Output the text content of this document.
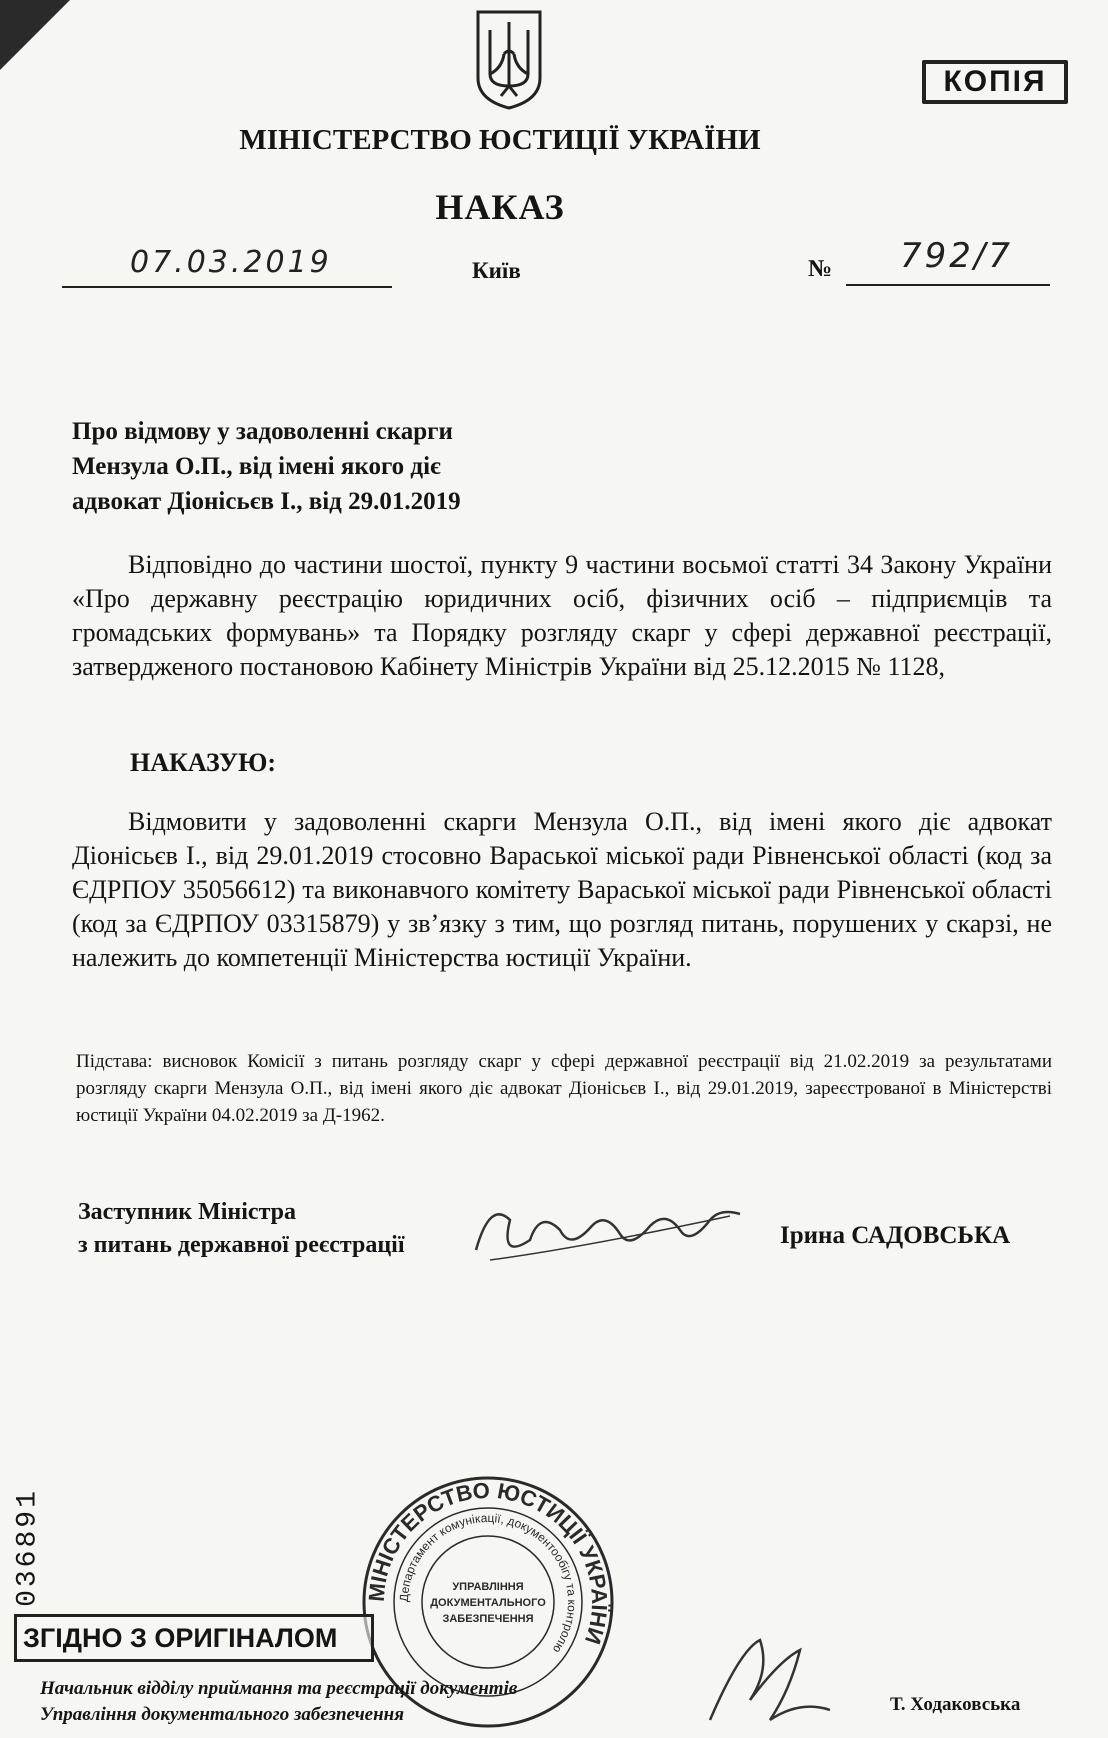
КОПІЯ
МІНІСТЕРСТВО ЮСТИЦІЇ УКРАЇНИ
НАКАЗ
07.03.2019	Київ	№ 792/7
Про відмову у задоволенні скарги
Мензула О.П., від імені якого діє
адвокат Діонісьєв І., від 29.01.2019
Відповідно до частини шостої, пункту 9 частини восьмої статті 34 Закону України «Про державну реєстрацію юридичних осіб, фізичних осіб – підприємців та громадських формувань» та Порядку розгляду скарг у сфері державної реєстрації, затвердженого постановою Кабінету Міністрів України від 25.12.2015 № 1128,
НАКАЗУЮ:
Відмовити у задоволенні скарги Мензула О.П., від імені якого діє адвокат Діонісьєв І., від 29.01.2019 стосовно Вараської міської ради Рівненської області (код за ЄДРПОУ 35056612) та виконавчого комітету Вараської міської ради Рівненської області (код за ЄДРПОУ 03315879) у зв’язку з тим, що розгляд питань, порушених у скарзі, не належить до компетенції Міністерства юстиції України.
Підстава: висновок Комісії з питань розгляду скарг у сфері державної реєстрації від 21.02.2019 за результатами розгляду скарги Мензула О.П., від імені якого діє адвокат Діонісьєв І., від 29.01.2019, зареєстрованої в Міністерстві юстиції України 04.02.2019 за Д-1962.
Заступник Міністра
з питань державної реєстрації	Ірина САДОВСЬКА
036891	МІНІСТЕРСТВО ЮСТИЦІЇ УКРАЇНИ
Департамент комунікації, документообігу та контролю
УПРАВЛІННЯ
ДОКУМЕНТАЛЬНОГО
ЗАБЕЗПЕЧЕННЯ
ЗГІДНО З ОРИГІНАЛОМ
Начальник відділу приймання та реєстрації документів
Управління документального забезпечення	Т. Ходаковська
